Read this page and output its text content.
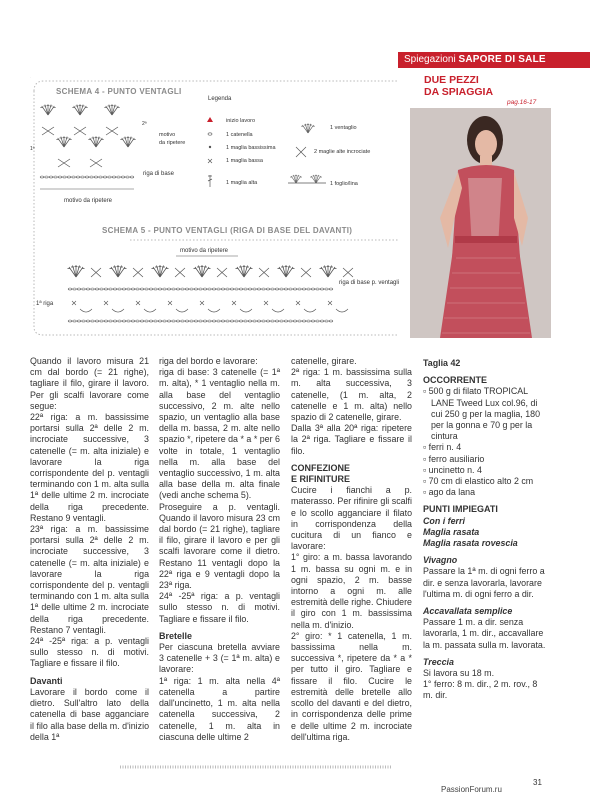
Spiegazioni SAPORE DI SALE
SCHEMA 4 - PUNTO VENTAGLI
motivo
da ripetere
2ª
1ª
riga di base
motivo da ripetere
Legenda
inizio lavoro
1 catenella
1 maglia bassissima
1 maglia bassa
1 maglia alta
1 ventaglio
2 maglie alte incrociate
1 foglio/lina
SCHEMA 5 - PUNTO VENTAGLI (RIGA DI BASE DEL DAVANTI)
motivo da ripetere
riga di base p. ventagli
1ª riga
DUE PEZZI
DA SPIAGGIA
pag.16-17

Quando il lavoro misura 21 cm dal bordo (= 21 righe), tagliare il filo, girare il lavoro. Per gli scalfi lavorare come segue:

22ª riga: a m. bassissime portarsi sulla 2ª delle 2 m. incrociate successive, 3 catenelle (= m. alta iniziale) e lavorare la riga corrispondente del p. ventagli terminando con 1 m. alta sulla 1ª delle ultime 2 m. incrociate della riga precedente. Restano 9 ventagli.

23ª riga: a m. bassissime portarsi sulla 2ª delle 2 m. incrociate successive, 3 catenelle (= m. alta iniziale) e lavorare la riga corrispondente del p. ventagli terminando con 1 m. alta sulla 1ª delle ultime 2 m. incrociate della riga precedente. Restano 7 ventagli.

24ª -25ª riga: a p. ventagli sullo stesso n. di motivi. Tagliare e fissare il filo.

Davanti

Lavorare il bordo come il dietro. Sull'altro lato della catenella di base agganciare il filo alla base della m. d'inizio della 1ª

riga del bordo e lavorare:

riga di base: 3 catenelle (= 1ª m. alta), * 1 ventaglio nella m. alla base del ventaglio successivo, 2 m. alte nello spazio, un ventaglio alla base della m. bassa, 2 m. alte nello spazio *, ripetere da * a * per 6 volte in totale, 1 ventaglio nella m. alla base del ventaglio successivo, 1 m. alta alla base della m. alta finale (vedi anche schema 5).

Proseguire a p. ventagli. Quando il lavoro misura 23 cm dal bordo (= 21 righe), tagliare il filo, girare il lavoro e per gli scalfi lavorare come il dietro. Restano 11 ventagli dopo la 22ª riga e 9 ventagli dopo la 23ª riga.

24ª -25ª riga: a p. ventagli sullo stesso n. di motivi. Tagliare e fissare il filo.

Bretelle

Per ciascuna bretella avviare 3 catenelle + 3 (= 1ª m. alta) e lavorare:

1ª riga: 1 m. alta nella 4ª catenella a partire dall'uncinetto, 1 m. alta nella catenella successiva, 2 catenelle, 1 m. alta in ciascuna delle ultime 2

catenelle, girare.

2ª riga: 1 m. bassissima sulla m. alta successiva, 3 catenelle, (1 m. alta, 2 catenelle e 1 m. alta) nello spazio di 2 catenelle, girare.

Dalla 3ª alla 20ª riga: ripetere la 2ª riga. Tagliare e fissare il filo.

CONFEZIONE

E RIFINITURE

Cucire i fianchi a p. materasso. Per rifinire gli scalfi e lo scollo agganciare il filato in corrispondenza della cucitura di un fianco e lavorare:

1° giro: a m. bassa lavorando 1 m. bassa su ogni m. e in ogni spazio, 2 m. basse intorno a ogni m. alle estremità delle righe. Chiudere il giro con 1 m. bassissima nella m. d'inizio.

2° giro: * 1 catenella, 1 m. bassissima nella m. successiva *, ripetere da * a * per tutto il giro. Tagliare e fissare il filo. Cucire le estremità delle bretelle allo scollo del davanti e del dietro, in corrispondenza delle prime e delle ultime 2 m. incrociate dell'ultima riga.

Taglia 42

OCCORRENTE

▫ 500 g di filato TROPICAL LANE Tweed Lux col.96, di cui 250 g per la maglia, 180 per la gonna e 70 g per la cintura

▫ ferri n. 4

▫ ferro ausiliario

▫ uncinetto n. 4

▫ 70 cm di elastico alto 2 cm

▫ ago da lana

PUNTI IMPIEGATI

Con i ferri

Maglia rasata

Maglia rasata rovescia

Vivagno

Passare la 1ª m. di ogni ferro a dir. e senza lavorarla, lavorare l'ultima m. di ogni ferro a dir.

Accavallata semplice

Passare 1 m. a dir. senza lavorarla, 1 m. dir., accavallare la m. passata sulla m. lavorata.

Treccia

Si lavora su 18 m.

1° ferro: 8 m. dir., 2 m. rov., 8 m. dir.

31
PassionForum.ru
